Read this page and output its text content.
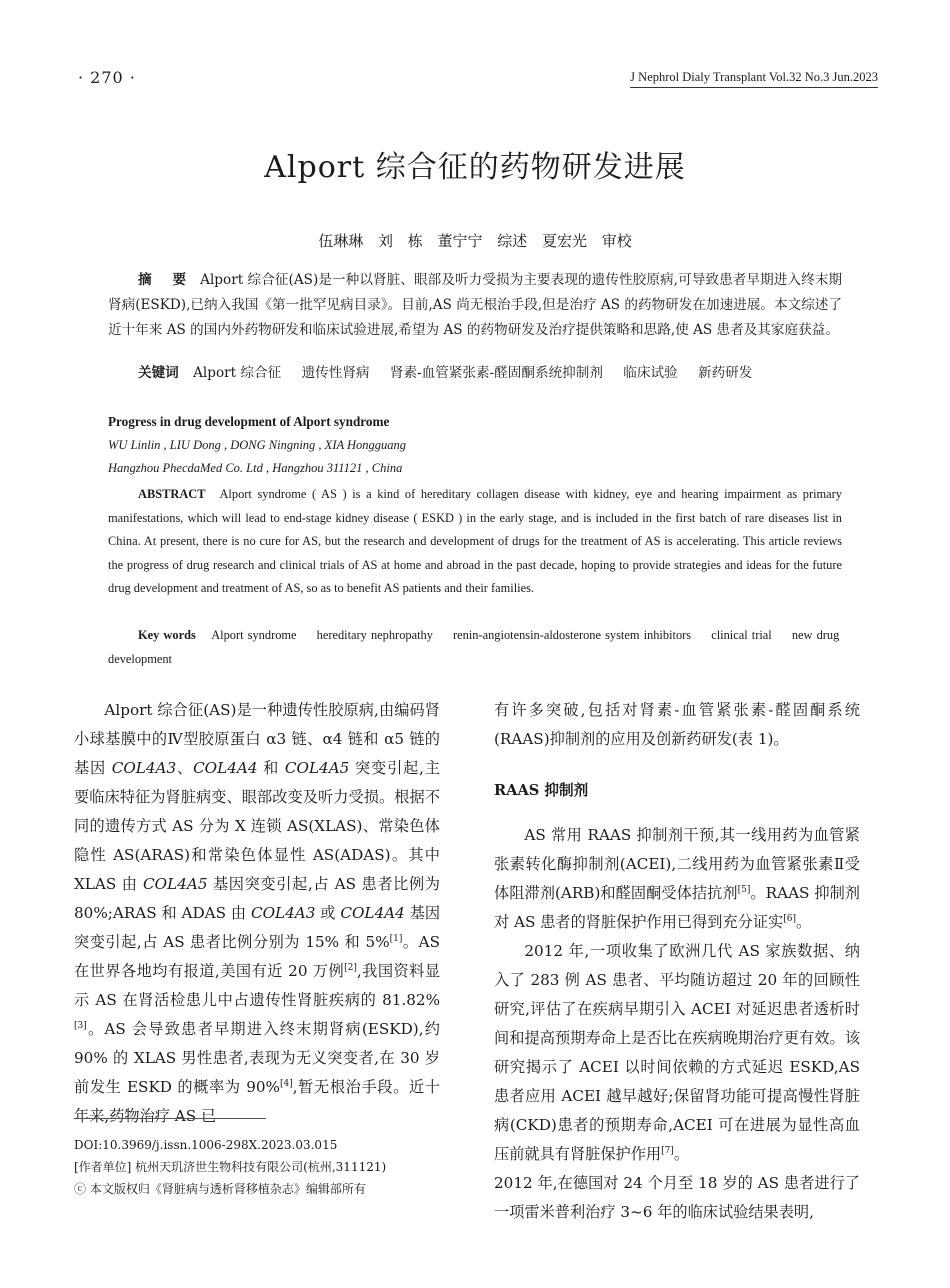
· 270 ·	J Nephrol Dialy Transplant Vol.32 No.3 Jun.2023
Alport 综合征的药物研发进展
伍琳琳 刘 栋 董宁宁 综述 夏宏光 审校
摘 要 Alport 综合征(AS)是一种以肾脏、眼部及听力受损为主要表现的遗传性胶原病,可导致患者早期进入终末期肾病(ESKD),已纳入我国《第一批罕见病目录》。目前,AS 尚无根治手段,但是治疗 AS 的药物研发在加速进展。本文综述了近十年来 AS 的国内外药物研发和临床试验进展,希望为 AS 的药物研发及治疗提供策略和思路,使 AS 患者及其家庭获益。
关键词 Alport 综合征 遗传性肾病 肾素-血管紧张素-醛固酮系统抑制剂 临床试验 新药研发
Progress in drug development of Alport syndrome
WU Linlin , LIU Dong , DONG Ningning , XIA Hongguang
Hangzhou PhecdaMed Co. Ltd , Hangzhou 311121 , China
ABSTRACT Alport syndrome ( AS ) is a kind of hereditary collagen disease with kidney, eye and hearing impairment as primary manifestations, which will lead to end-stage kidney disease ( ESKD ) in the early stage, and is included in the first batch of rare diseases list in China. At present, there is no cure for AS, but the research and development of drugs for the treatment of AS is accelerating. This article reviews the progress of drug research and clinical trials of AS at home and abroad in the past decade, hoping to provide strategies and ideas for the future drug development and treatment of AS, so as to benefit AS patients and their families.
Key words Alport syndrome hereditary nephropathy renin-angiotensin-aldosterone system inhibitors clinical trial new drug development

Alport 综合征(AS)是一种遗传性胶原病,由编码肾小球基膜中的Ⅳ型胶原蛋白 α3 链、α4 链和 α5 链的基因 COL4A3、COL4A4 和 COL4A5 突变引起,主要临床特征为肾脏病变、眼部改变及听力受损。根据不同的遗传方式 AS 分为 X 连锁 AS(XLAS)、常染色体隐性 AS(ARAS)和常染色体显性 AS(ADAS)。其中 XLAS 由 COL4A5 基因突变引起,占 AS 患者比例为 80%;ARAS 和 ADAS 由 COL4A3 或 COL4A4 基因突变引起,占 AS 患者比例分别为 15% 和 5%[1]。AS 在世界各地均有报道,美国有近 20 万例[2],我国资料显示 AS 在肾活检患儿中占遗传性肾脏疾病的 81.82%[3]。AS 会导致患者早期进入终末期肾病(ESKD),约 90% 的 XLAS 男性患者,表现为无义突变者,在 30 岁前发生 ESKD 的概率为 90%[4],暂无根治手段。近十年来,药物治疗 AS 已

有许多突破,包括对肾素-血管紧张素-醛固酮系统(RAAS)抑制剂的应用及创新药研发(表 1)。

RAAS 抑制剂

AS 常用 RAAS 抑制剂干预,其一线用药为血管紧张素转化酶抑制剂(ACEI),二线用药为血管紧张素Ⅱ受体阻滞剂(ARB)和醛固酮受体拮抗剂[5]。RAAS 抑制剂对 AS 患者的肾脏保护作用已得到充分证实[6]。

2012 年,一项收集了欧洲几代 AS 家族数据、纳入了 283 例 AS 患者、平均随访超过 20 年的回顾性研究,评估了在疾病早期引入 ACEI 对延迟患者透析时间和提高预期寿命上是否比在疾病晚期治疗更有效。该研究揭示了 ACEI 以时间依赖的方式延迟 ESKD,AS 患者应用 ACEI 越早越好;保留肾功能可提高慢性肾脏病(CKD)患者的预期寿命,ACEI 可在进展为显性高血压前就具有肾脏保护作用[7]。

2012 年,在德国对 24 个月至 18 岁的 AS 患者进行了一项雷米普利治疗 3~6 年的临床试验结果表明,

DOI:10.3969/j.issn.1006-298X.2023.03.015
[作者单位] 杭州天玑济世生物科技有限公司(杭州,311121)
ⓒ 本文版权归《肾脏病与透析肾移植杂志》编辑部所有
